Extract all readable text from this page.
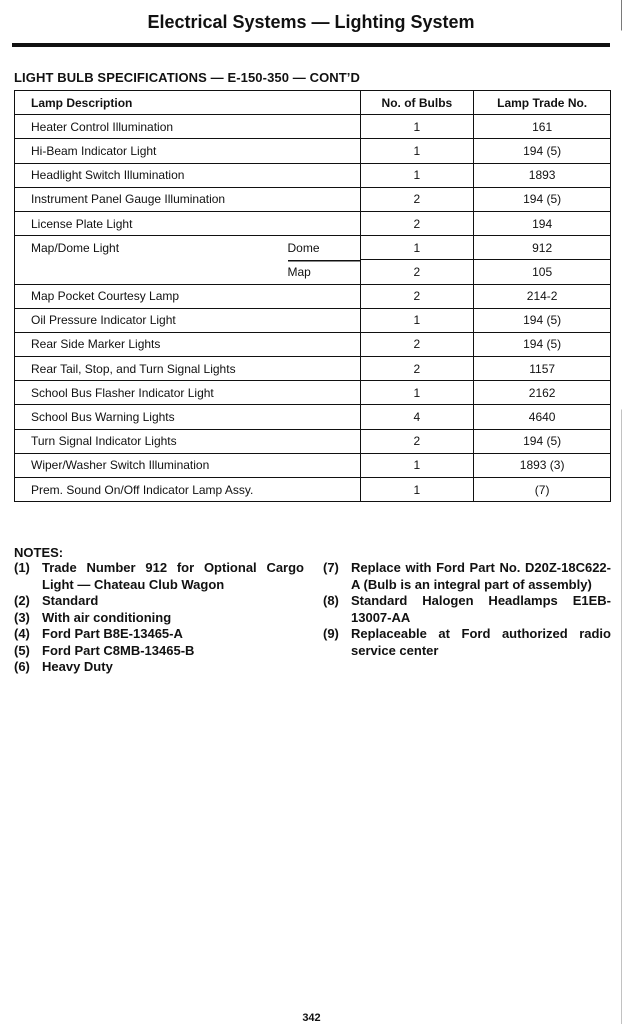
Electrical Systems — Lighting System
LIGHT BULB SPECIFICATIONS — E-150-350 — CONT’D
Lamp Description	No. of Bulbs	Lamp Trade No.

Heater Control Illumination	1	161

Hi-Beam Indicator Light	1	194 (5)

Headlight Switch Illumination	1	1893

Instrument Panel Gauge Illumination	2	194 (5)

License Plate Light	2	194

Map/Dome Light Dome	1	912

Map	2	105

Map Pocket Courtesy Lamp	2	214-2

Oil Pressure Indicator Light	1	194 (5)

Rear Side Marker Lights	2	194 (5)

Rear Tail, Stop, and Turn Signal Lights	2	1157

School Bus Flasher Indicator Light	1	2162

School Bus Warning Lights	4	4640

Turn Signal Indicator Lights	2	194 (5)

Wiper/Washer Switch Illumination	1	1893 (3)

Prem. Sound On/Off Indicator Lamp Assy.	1	(7)
NOTES:
(1) Trade Number 912 for Optional Cargo Light — Chateau Club Wagon
(2) Standard
(3) With air conditioning
(4) Ford Part B8E-13465-A
(5) Ford Part C8MB-13465-B
(6) Heavy Duty
(7) Replace with Ford Part No. D20Z-18C622-A (Bulb is an integral part of assembly)
(8) Standard Halogen Headlamps E1EB-13007-AA
(9) Replaceable at Ford authorized radio service center
342
